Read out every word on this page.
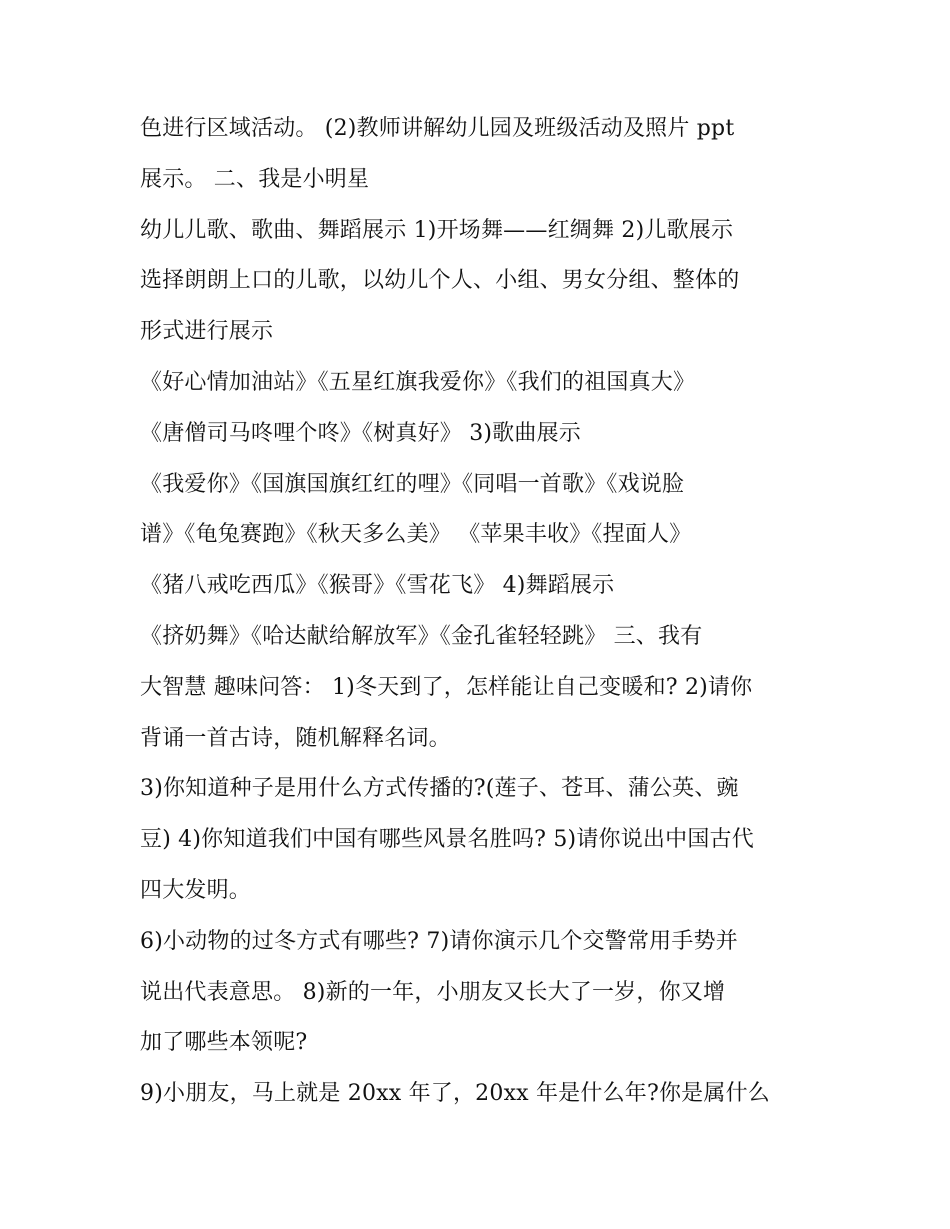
色进行区域活动。 (2)教师讲解幼儿园及班级活动及照片 ppt
展示。 二、我是小明星
幼儿儿歌、歌曲、舞蹈展示 1)开场舞——红绸舞 2)儿歌展示
选择朗朗上口的儿歌，以幼儿个人、小组、男女分组、整体的
形式进行展示
《好心情加油站》《五星红旗我爱你》《我们的祖国真大》
《唐僧司马咚哩个咚》《树真好》 3)歌曲展示
《我爱你》《国旗国旗红红的哩》《同唱一首歌》《戏说脸
谱》《龟兔赛跑》《秋天多么美》 《苹果丰收》《捏面人》
《猪八戒吃西瓜》《猴哥》《雪花飞》 4)舞蹈展示
《挤奶舞》《哈达献给解放军》《金孔雀轻轻跳》 三、我有
大智慧 趣味问答： 1)冬天到了，怎样能让自己变暖和? 2)请你
背诵一首古诗，随机解释名词。
3)你知道种子是用什么方式传播的?(莲子、苍耳、蒲公英、豌
豆) 4)你知道我们中国有哪些风景名胜吗? 5)请你说出中国古代
四大发明。
6)小动物的过冬方式有哪些? 7)请你演示几个交警常用手势并
说出代表意思。 8)新的一年，小朋友又长大了一岁，你又增
加了哪些本领呢?
9)小朋友，马上就是 20xx 年了，20xx 年是什么年?你是属什么
